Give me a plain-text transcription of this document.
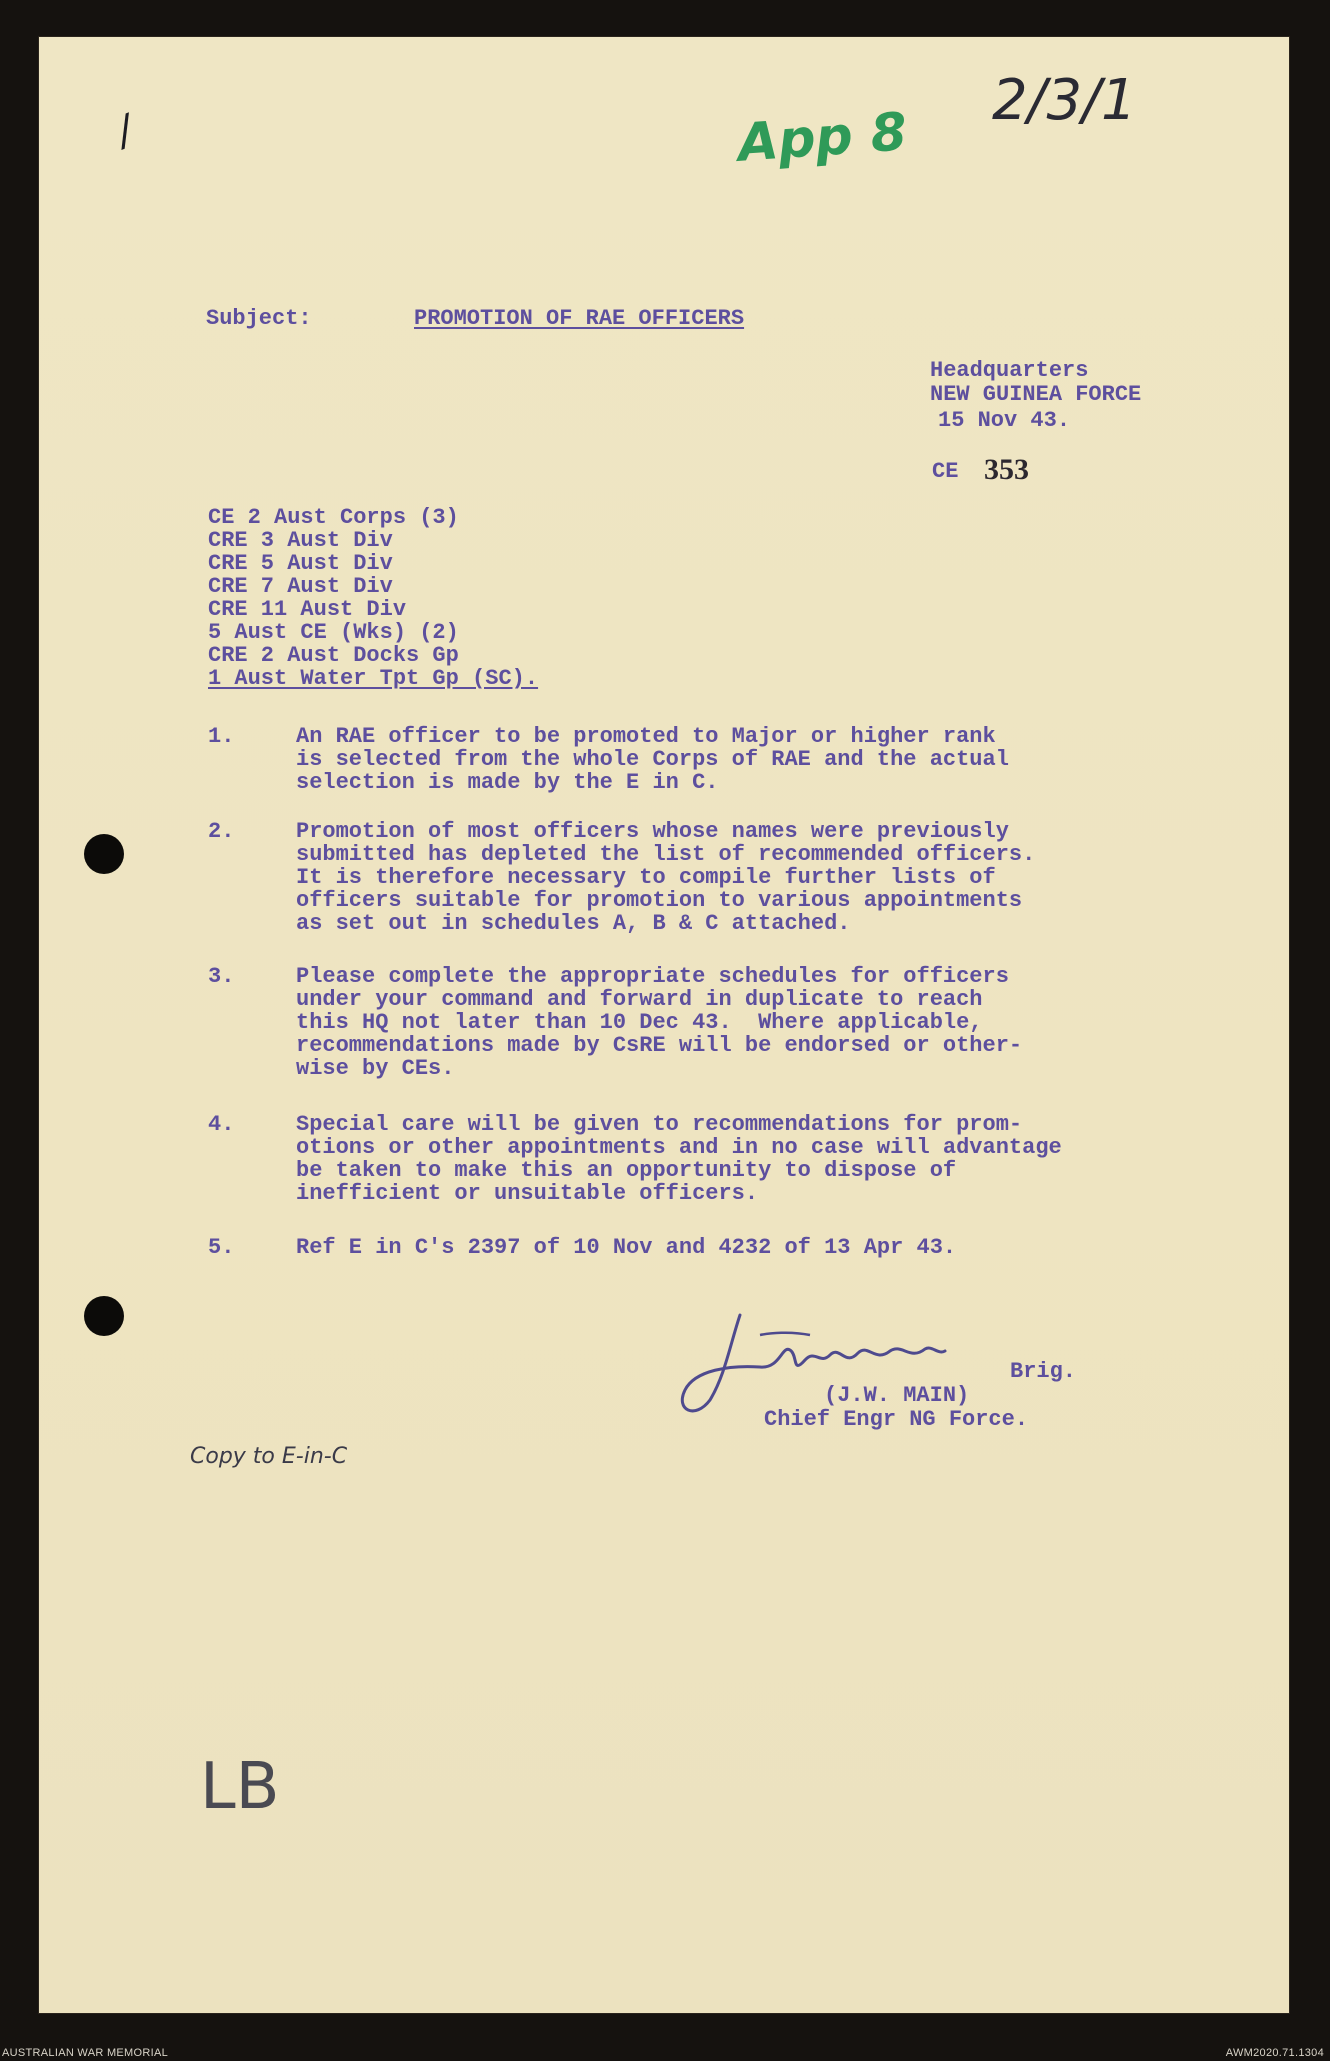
/	App 8
2/3/1
Subject:	PROMOTION OF RAE OFFICERS
Headquarters
NEW GUINEA FORCE
15 Nov 43.
CE 353
CE 2 Aust Corps (3)
CRE 3 Aust Div
CRE 5 Aust Div
CRE 7 Aust Div
CRE 11 Aust Div
5 Aust CE (Wks) (2)
CRE 2 Aust Docks Gp
1 Aust Water Tpt Gp (SC).
1.	An RAE officer to be promoted to Major or higher rank
is selected from the whole Corps of RAE and the actual
selection is made by the E in C.
2.	Promotion of most officers whose names were previously
submitted has depleted the list of recommended officers.
It is therefore necessary to compile further lists of
officers suitable for promotion to various appointments
as set out in schedules A, B & C attached.
3.	Please complete the appropriate schedules for officers
under your command and forward in duplicate to reach
this HQ not later than 10 Dec 43.  Where applicable,
recommendations made by CsRE will be endorsed or other-
wise by CEs.
4.	Special care will be given to recommendations for prom-
otions or other appointments and in no case will advantage
be taken to make this an opportunity to dispose of
inefficient or unsuitable officers.
5.	Ref E in C's 2397 of 10 Nov and 4232 of 13 Apr 43.
Brig.
(J.W. MAIN)
Chief Engr NG Force.
Copy to E-in-C
LB
AUSTRALIAN WAR MEMORIAL	AWM2020.71.1304
